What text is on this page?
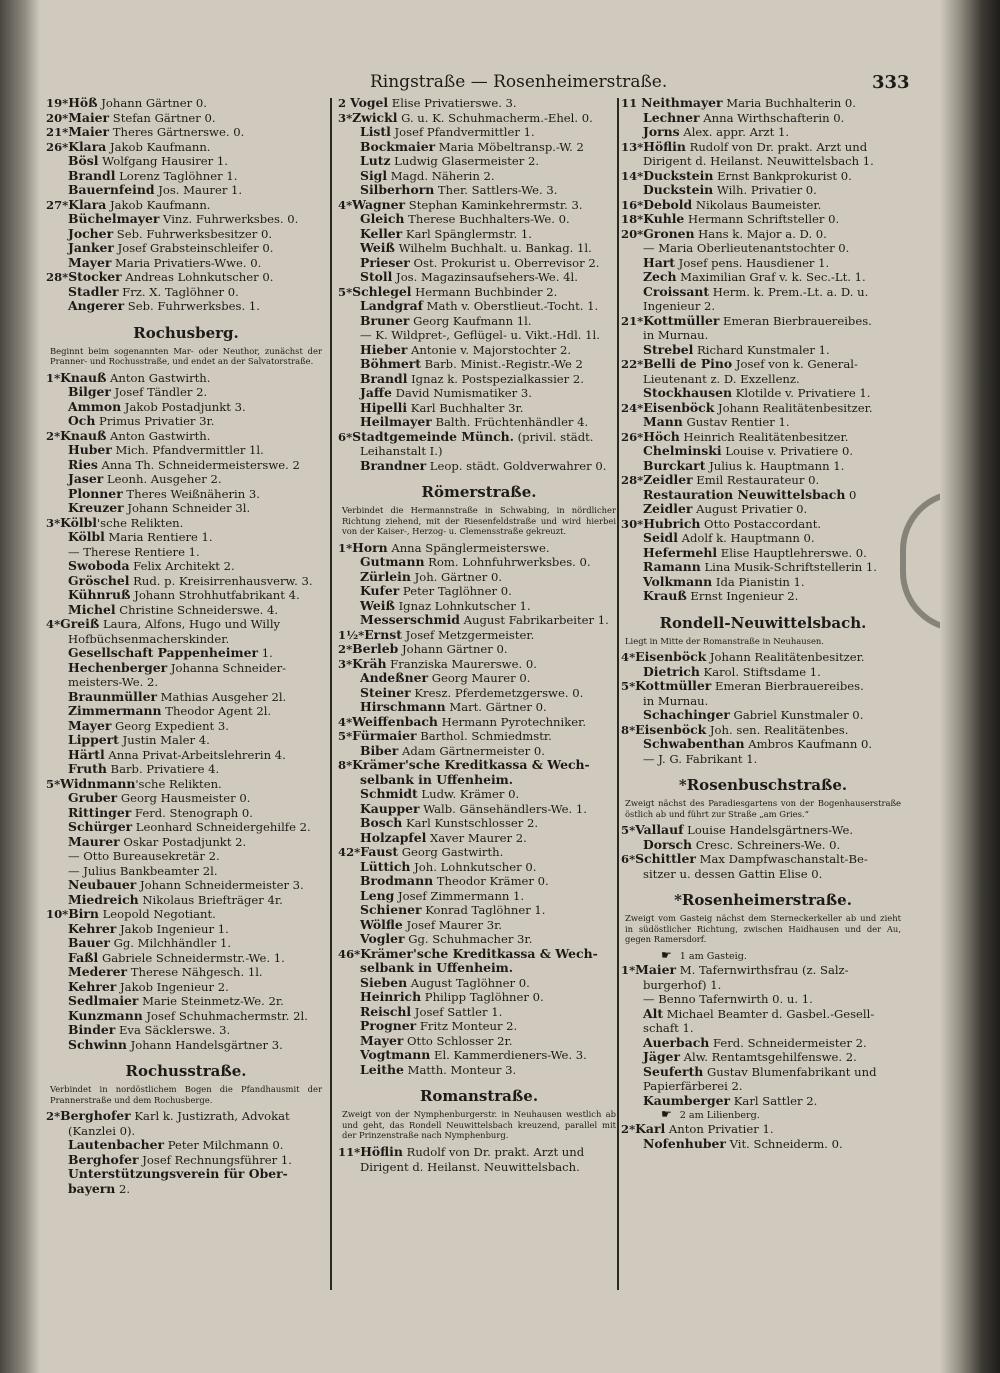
Ringstraße — Rosenheimerstraße.	333
19*Höß Johann Gärtner 0.
20*Maier Stefan Gärtner 0.
21*Maier Theres Gärtnerswe. 0.
26*Klara Jakob Kaufmann.
Bösl Wolfgang Hausirer 1.
Brandl Lorenz Taglöhner 1.
Bauernfeind Jos. Maurer 1.
27*Klara Jakob Kaufmann.
Büchelmayer Vinz. Fuhrwerksbes. 0.
Jocher Seb. Fuhrwerksbesitzer 0.
Janker Josef Grabsteinschleifer 0.
Mayer Maria Privatiers-Wwe. 0.
28*Stocker Andreas Lohnkutscher 0.
Stadler Frz. X. Taglöhner 0.
Angerer Seb. Fuhrwerksbes. 1.
Rochusberg.
Beginnt beim sogenannten Mar- oder Neuthor, zunächst der Pranner- und Rochusstraße, und endet an der Salvatorstraße.
1*Knauß Anton Gastwirth.
Bilger Josef Tändler 2.
Ammon Jakob Postadjunkt 3.
Och Primus Privatier 3r.
2*Knauß Anton Gastwirth.
Huber Mich. Pfandvermittler 1l.
Ries Anna Th. Schneidermeisterswe. 2
Jaser Leonh. Ausgeher 2.
Plonner Theres Weißnäherin 3.
Kreuzer Johann Schneider 3l.
3*Kölbl'sche Relikten.
Kölbl Maria Rentiere 1.
— Therese Rentiere 1.
Swoboda Felix Architekt 2.
Gröschel Rud. p. Kreisirrenhausverw. 3.
Kühnruß Johann Strohhutfabrikant 4.
Michel Christine Schneiderswe. 4.
4*Greiß Laura, Alfons, Hugo und Willy
Hofbüchsenmacherskinder.
Gesellschaft Pappenheimer 1.
Hechenberger Johanna Schneider-
meisters-We. 2.
Braunmüller Mathias Ausgeher 2l.
Zimmermann Theodor Agent 2l.
Mayer Georg Expedient 3.
Lippert Justin Maler 4.
Härtl Anna Privat-Arbeitslehrerin 4.
Fruth Barb. Privatiere 4.
5*Widnmann'sche Relikten.
Gruber Georg Hausmeister 0.
Rittinger Ferd. Stenograph 0.
Schürger Leonhard Schneidergehilfe 2.
Maurer Oskar Postadjunkt 2.
— Otto Bureausekretär 2.
— Julius Bankbeamter 2l.
Neubauer Johann Schneidermeister 3.
Miedreich Nikolaus Briefträger 4r.
10*Birn Leopold Negotiant.
Kehrer Jakob Ingenieur 1.
Bauer Gg. Milchhändler 1.
Faßl Gabriele Schneidermstr.-We. 1.
Mederer Therese Nähgesch. 1l.
Kehrer Jakob Ingenieur 2.
Sedlmaier Marie Steinmetz-We. 2r.
Kunzmann Josef Schuhmachermstr. 2l.
Binder Eva Säcklerswe. 3.
Schwinn Johann Handelsgärtner 3.
Rochusstraße.
Verbindet in nordöstlichem Bogen die Pfandhausmit der Prannerstraße und dem Rochusberge.
2*Berghofer Karl k. Justizrath, Advokat
(Kanzlei 0).
Lautenbacher Peter Milchmann 0.
Berghofer Josef Rechnungsführer 1.
Unterstützungsverein für Ober-
bayern 2.
2 Vogel Elise Privatierswe. 3.
3*Zwickl G. u. K. Schuhmacherm.-Ehel. 0.
Listl Josef Pfandvermittler 1.
Bockmaier Maria Möbeltransp.-W. 2
Lutz Ludwig Glasermeister 2.
Sigl Magd. Näherin 2.
Silberhorn Ther. Sattlers-We. 3.
4*Wagner Stephan Kaminkehrermstr. 3.
Gleich Therese Buchhalters-We. 0.
Keller Karl Spänglermstr. 1.
Weiß Wilhelm Buchhalt. u. Bankag. 1l.
Prieser Ost. Prokurist u. Oberrevisor 2.
Stoll Jos. Magazinsaufsehers-We. 4l.
5*Schlegel Hermann Buchbinder 2.
Landgraf Math v. Oberstlieut.-Tocht. 1.
Bruner Georg Kaufmann 1l.
— K. Wildpret-, Geflügel- u. Vikt.-Hdl. 1l.
Hieber Antonie v. Majorstochter 2.
Böhmert Barb. Minist.-Registr.-We 2
Brandl Ignaz k. Postspezialkassier 2.
Jaffe David Numismatiker 3.
Hipelli Karl Buchhalter 3r.
Heilmayer Balth. Früchtenhändler 4.
6*Stadtgemeinde Münch. (privil. städt.
Leihanstalt I.)
Brandner Leop. städt. Goldverwahrer 0.
Römerstraße.
Verbindet die Hermannstraße in Schwabing, in nördlicher Richtung ziehend, mit der Riesenfeldstraße und wird hierbei von der Kaiser-, Herzog- u. Clemensstraße gekreuzt.
1*Horn Anna Spänglermeisterswe.
Gutmann Rom. Lohnfuhrwerksbes. 0.
Zürlein Joh. Gärtner 0.
Kufer Peter Taglöhner 0.
Weiß Ignaz Lohnkutscher 1.
Messerschmid August Fabrikarbeiter 1.
1½*Ernst Josef Metzgermeister.
2*Berleb Johann Gärtner 0.
3*Kräh Franziska Maurerswe. 0.
Andeßner Georg Maurer 0.
Steiner Kresz. Pferdemetzgerswe. 0.
Hirschmann Mart. Gärtner 0.
4*Weiffenbach Hermann Pyrotechniker.
5*Fürmaier Barthol. Schmiedmstr.
Biber Adam Gärtnermeister 0.
8*Krämer'sche Kreditkassa & Wech-
selbank in Uffenheim.
Schmidt Ludw. Krämer 0.
Kaupper Walb. Gänsehändlers-We. 1.
Bosch Karl Kunstschlosser 2.
Holzapfel Xaver Maurer 2.
42*Faust Georg Gastwirth.
Lüttich Joh. Lohnkutscher 0.
Brodmann Theodor Krämer 0.
Leng Josef Zimmermann 1.
Schiener Konrad Taglöhner 1.
Wölfle Josef Maurer 3r.
Vogler Gg. Schuhmacher 3r.
46*Krämer'sche Kreditkassa & Wech-
selbank in Uffenheim.
Sieben August Taglöhner 0.
Heinrich Philipp Taglöhner 0.
Reischl Josef Sattler 1.
Progner Fritz Monteur 2.
Mayer Otto Schlosser 2r.
Vogtmann El. Kammerdieners-We. 3.
Leithe Matth. Monteur 3.
Romanstraße.
Zweigt von der Nymphenburgerstr. in Neuhausen westlich ab und geht, das Rondell Neuwittelsbach kreuzend, parallel mit der Prinzenstraße nach Nymphenburg.
11*Höflin Rudolf von Dr. prakt. Arzt und
Dirigent d. Heilanst. Neuwittelsbach.
11 Neithmayer Maria Buchhalterin 0.
Lechner Anna Wirthschafterin 0.
Jorns Alex. appr. Arzt 1.
13*Höflin Rudolf von Dr. prakt. Arzt und
Dirigent d. Heilanst. Neuwittelsbach 1.
14*Duckstein Ernst Bankprokurist 0.
Duckstein Wilh. Privatier 0.
16*Debold Nikolaus Baumeister.
18*Kuhle Hermann Schriftsteller 0.
20*Gronen Hans k. Major a. D. 0.
— Maria Oberlieutenantstochter 0.
Hart Josef pens. Hausdiener 1.
Zech Maximilian Graf v. k. Sec.-Lt. 1.
Croissant Herm. k. Prem.-Lt. a. D. u.
Ingenieur 2.
21*Kottmüller Emeran Bierbrauereibes.
in Murnau.
Strebel Richard Kunstmaler 1.
22*Belli de Pino Josef von k. General-
Lieutenant z. D. Exzellenz.
Stockhausen Klotilde v. Privatiere 1.
24*Eisenböck Johann Realitätenbesitzer.
Mann Gustav Rentier 1.
26*Höch Heinrich Realitätenbesitzer.
Chelminski Louise v. Privatiere 0.
Burckart Julius k. Hauptmann 1.
28*Zeidler Emil Restaurateur 0.
Restauration Neuwittelsbach 0
Zeidler August Privatier 0.
30*Hubrich Otto Postaccordant.
Seidl Adolf k. Hauptmann 0.
Hefermehl Elise Hauptlehrerswe. 0.
Ramann Lina Musik-Schriftstellerin 1.
Volkmann Ida Pianistin 1.
Krauß Ernst Ingenieur 2.
Rondell-Neuwittelsbach.
Liegt in Mitte der Romanstraße in Neuhausen.
4*Eisenböck Johann Realitätenbesitzer.
Dietrich Karol. Stiftsdame 1.
5*Kottmüller Emeran Bierbrauereibes.
in Murnau.
Schachinger Gabriel Kunstmaler 0.
8*Eisenböck Joh. sen. Realitätenbes.
Schwabenthan Ambros Kaufmann 0.
— J. G. Fabrikant 1.
*Rosenbuschstraße.
Zweigt nächst des Paradiesgartens von der Bogenhauserstraße östlich ab und führt zur Straße „am Gries.“
5*Vallauf Louise Handelsgärtners-We.
Dorsch Cresc. Schreiners-We. 0.
6*Schittler Max Dampfwaschanstalt-Be-
sitzer u. dessen Gattin Elise 0.
*Rosenheimerstraße.
Zweigt vom Gasteig nächst dem Sterneckerkeller ab und zieht in südöstlicher Richtung, zwischen Haidhausen und der Au, gegen Ramersdorf.
☛ 1 am Gasteig.
1*Maier M. Tafernwirthsfrau (z. Salz-
burgerhof) 1.
— Benno Tafernwirth 0. u. 1.
Alt Michael Beamter d. Gasbel.-Gesell-
schaft 1.
Auerbach Ferd. Schneidermeister 2.
Jäger Alw. Rentamtsgehilfenswe. 2.
Seuferth Gustav Blumenfabrikant und
Papierfärberei 2.
Kaumberger Karl Sattler 2.
☛ 2 am Lilienberg.
2*Karl Anton Privatier 1.
Nofenhuber Vit. Schneiderm. 0.
